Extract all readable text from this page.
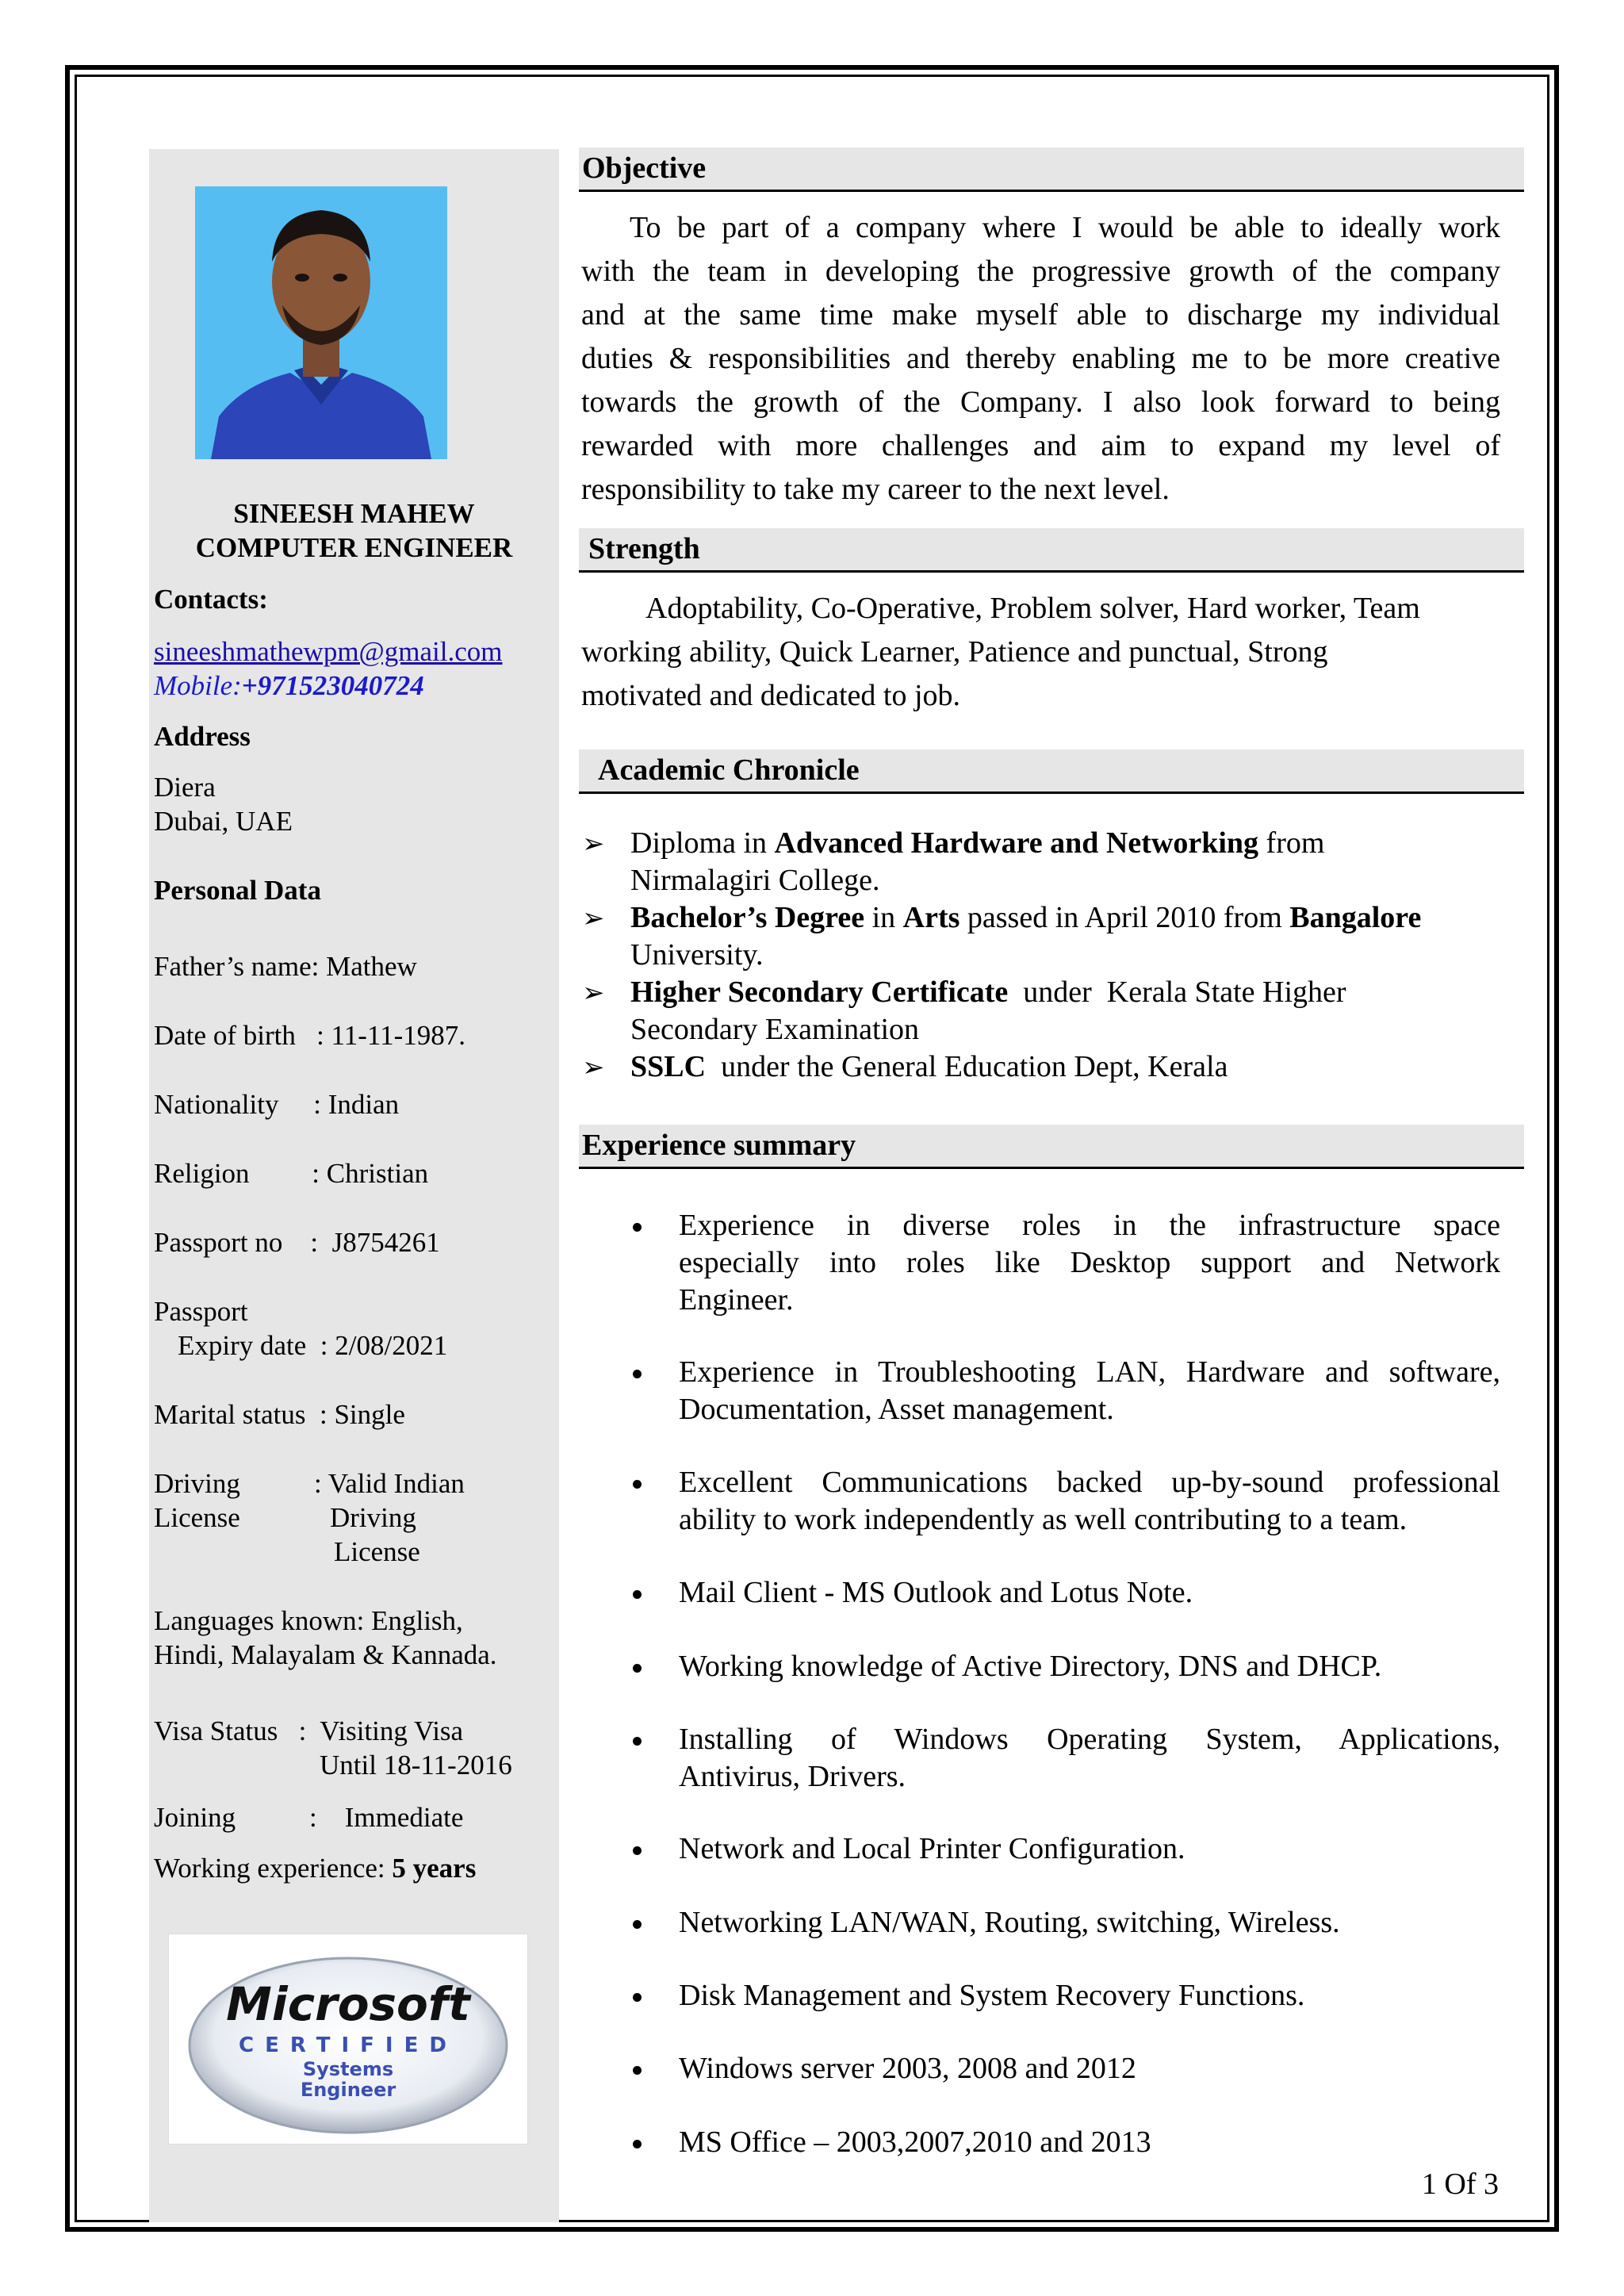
SINEESH MAHEW
COMPUTER ENGINEER
Contacts:
sineeshmathewpm@gmail.com
Mobile:+971523040724
Address
Diera
Dubai, UAE
Personal Data
Father’s name: Mathew
Date of birth   : 11-11-1987.
Nationality     : Indian
Religion         : Christian
Passport no    :  J8754261
Passport
Expiry date  : 2/08/2021
Marital status  : Single
Driving	: Valid Indian
License	Driving
License
Languages known: English,
Hindi, Malayalam & Kannada.
Visa Status   :  Visiting Visa
Until 18-11-2016
Joining	:    Immediate
Working experience: 5 years
Microsoft
CERTIFIED
Systems
Engineer
Objective
To be part of a company where I would be able to ideally work
with the team in developing the progressive growth of the company
and at the same time make myself able to discharge my individual
duties & responsibilities and thereby enabling me to be more creative
towards the growth of the Company. I also look forward to being
rewarded with more challenges and aim to expand my level of
responsibility to take my career to the next level.
Strength
Adoptability, Co-Operative, Problem solver, Hard worker, Team
working ability, Quick Learner, Patience and punctual, Strong
motivated and dedicated to job.
Academic Chronicle
➢ Diploma in Advanced Hardware and Networking from
Nirmalagiri College.
➢ Bachelor’s Degree in Arts passed in April 2010 from Bangalore
University.
➢ Higher Secondary Certificate  under  Kerala State Higher
Secondary Examination
➢ SSLC  under the General Education Dept, Kerala
Experience summary
Experience in diverse roles in the infrastructure space
especially into roles like Desktop support and Network
Engineer.
Experience in Troubleshooting LAN, Hardware and software,
Documentation, Asset management.
Excellent Communications backed up-by-sound professional
ability to work independently as well contributing to a team.
Mail Client - MS Outlook and Lotus Note.
Working knowledge of Active Directory, DNS and DHCP.
Installing of Windows Operating System, Applications,
Antivirus, Drivers.
Network and Local Printer Configuration.
Networking LAN/WAN, Routing, switching, Wireless.
Disk Management and System Recovery Functions.
Windows server 2003, 2008 and 2012
MS Office – 2003,2007,2010 and 2013
1 Of 3
